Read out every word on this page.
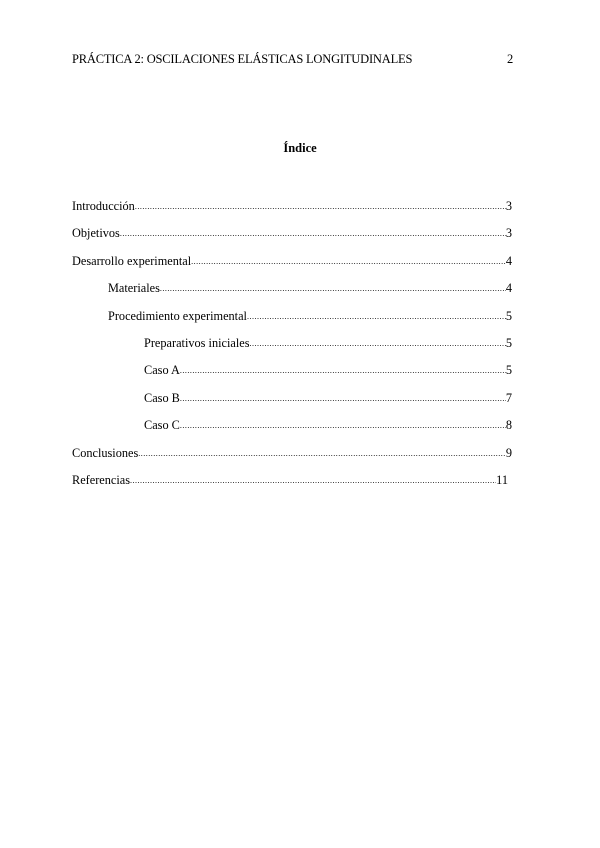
PRÁCTICA 2: OSCILACIONES ELÁSTICAS LONGITUDINALES	2
Índice
Introducción .....	3
Objetivos .....	3
Desarrollo experimental .....	4
Materiales .....	4
Procedimiento experimental .....	5
Preparativos iniciales .....	5
Caso A .....	5
Caso B .....	7
Caso C .....	8
Conclusiones .....	9
Referencias .....	11
